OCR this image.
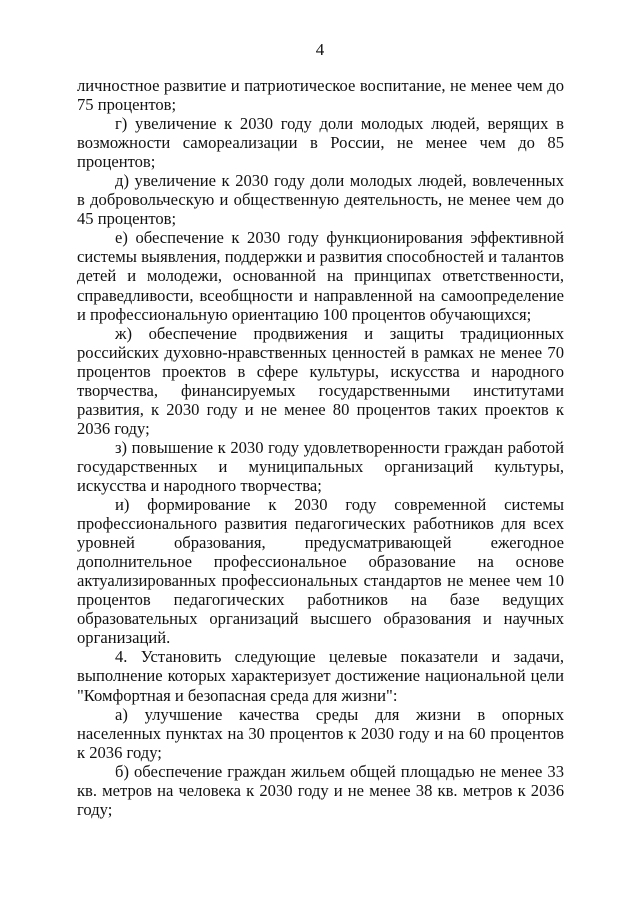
4

личностное развитие и патриотическое воспитание, не менее чем до 75 процентов;

г) увеличение к 2030 году доли молодых людей, верящих в возможности самореализации в России, не менее чем до 85 процентов;

д) увеличение к 2030 году доли молодых людей, вовлеченных в добровольческую и общественную деятельность, не менее чем до 45 процентов;

е) обеспечение к 2030 году функционирования эффективной системы выявления, поддержки и развития способностей и талантов детей и молодежи, основанной на принципах ответственности, справедливости, всеобщности и направленной на самоопределение и профессиональную ориентацию 100 процентов обучающихся;

ж) обеспечение продвижения и защиты традиционных российских духовно-нравственных ценностей в рамках не менее 70 процентов проектов в сфере культуры, искусства и народного творчества, финансируемых государственными институтами развития, к 2030 году и не менее 80 процентов таких проектов к 2036 году;

з) повышение к 2030 году удовлетворенности граждан работой государственных и муниципальных организаций культуры, искусства и народного творчества;

и) формирование к 2030 году современной системы профессионального развития педагогических работников для всех уровней образования, предусматривающей ежегодное дополнительное профессиональное образование на основе актуализированных профессиональных стандартов не менее чем 10 процентов педагогических работников на базе ведущих образовательных организаций высшего образования и научных организаций.

4. Установить следующие целевые показатели и задачи, выполнение которых характеризует достижение национальной цели "Комфортная и безопасная среда для жизни":

а) улучшение качества среды для жизни в опорных населенных пунктах на 30 процентов к 2030 году и на 60 процентов к 2036 году;

б) обеспечение граждан жильем общей площадью не менее 33 кв. метров на человека к 2030 году и не менее 38 кв. метров к 2036 году;
